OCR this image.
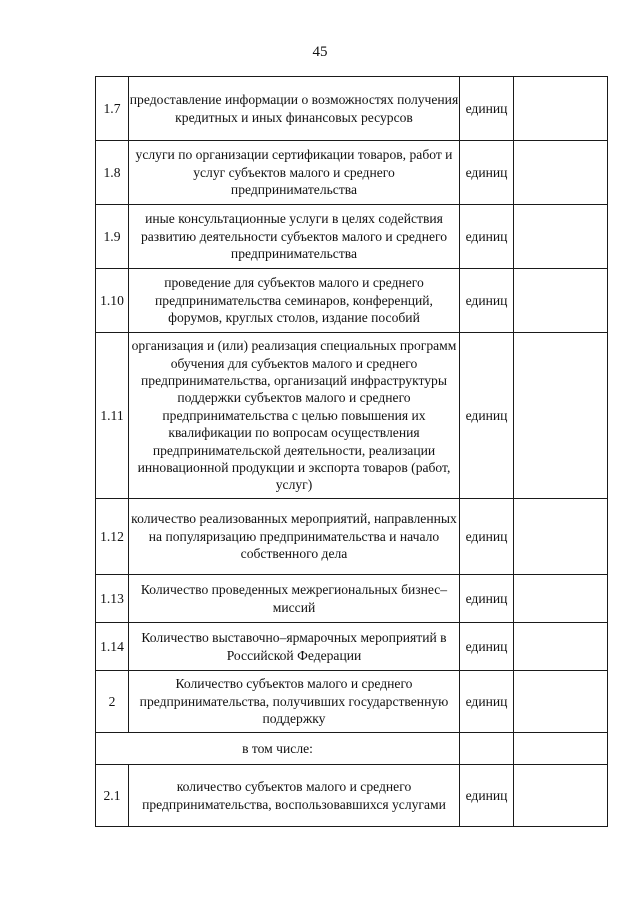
45
1.7	предоставление информации о возможностях получения кредитных и иных финансовых ресурсов	единиц	
1.8	услуги по организации сертификации товаров, работ и услуг субъектов малого и среднего предпринимательства	единиц	
1.9	иные консультационные услуги в целях содействия развитию деятельности субъектов малого и среднего предпринимательства	единиц	
1.10	проведение для субъектов малого и среднего предпринимательства семинаров, конференций, форумов, круглых столов, издание пособий	единиц	
1.11	организация и (или) реализация специальных программ обучения для субъектов малого и среднего предпринимательства, организаций инфраструктуры поддержки субъектов малого и среднего предпринимательства с целью повышения их квалификации по вопросам осуществления предпринимательской деятельности, реализации инновационной продукции и экспорта товаров (работ, услуг)	единиц	
1.12	количество реализованных мероприятий, направленных на популяризацию предпринимательства и начало собственного дела	единиц	
1.13	Количество проведенных межрегиональных бизнес–миссий	единиц	
1.14	Количество выставочно–ярмарочных мероприятий в Российской Федерации	единиц	
2	Количество субъектов малого и среднего предпринимательства, получивших государственную поддержку	единиц	
в том числе:			
2.1	количество субъектов малого и среднего предпринимательства, воспользовавшихся услугами	единиц	
